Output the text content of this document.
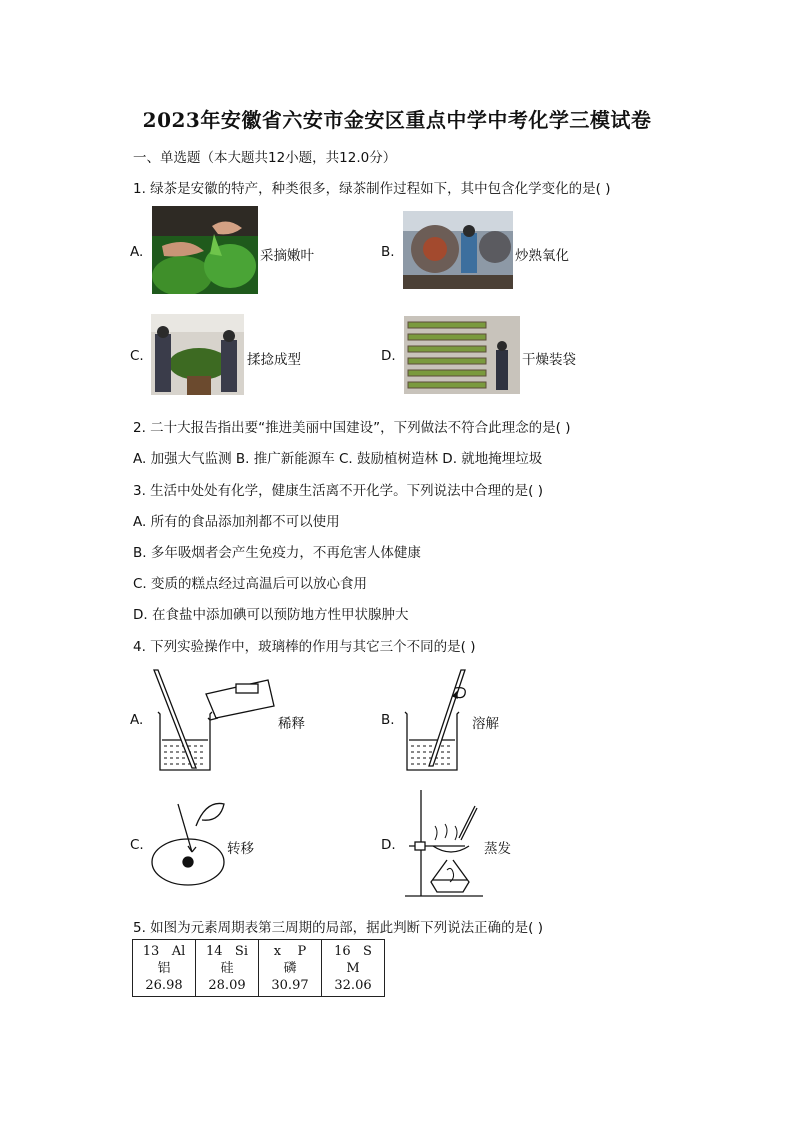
2023年安徽省六安市金安区重点中学中考化学三模试卷
一、单选题（本大题共12小题，共12.0分）
1. 绿茶是安徽的特产，种类很多，绿茶制作过程如下，其中包含化学变化的是( )
A.	采摘嫩叶	B.	炒熟氧化
C.	揉捻成型	D.	干燥装袋
2. 二十大报告指出要“推进美丽中国建设”，下列做法不符合此理念的是( )
A. 加强大气监测 B. 推广新能源车 C. 鼓励植树造林 D. 就地掩埋垃圾
3. 生活中处处有化学，健康生活离不开化学。下列说法中合理的是( )
A. 所有的食品添加剂都不可以使用
B. 多年吸烟者会产生免疫力，不再危害人体健康
C. 变质的糕点经过高温后可以放心食用
D. 在食盐中添加碘可以预防地方性甲状腺肿大
4. 下列实验操作中，玻璃棒的作用与其它三个不同的是( )
A.	稀释	B.	溶解
C.	转移	D.	蒸发
5. 如图为元素周期表第三周期的局部，据此判断下列说法正确的是( )
13   Al
铝
26.98

14   Si
硅
28.09

x    P
磷
30.97

16   S
M
32.06
